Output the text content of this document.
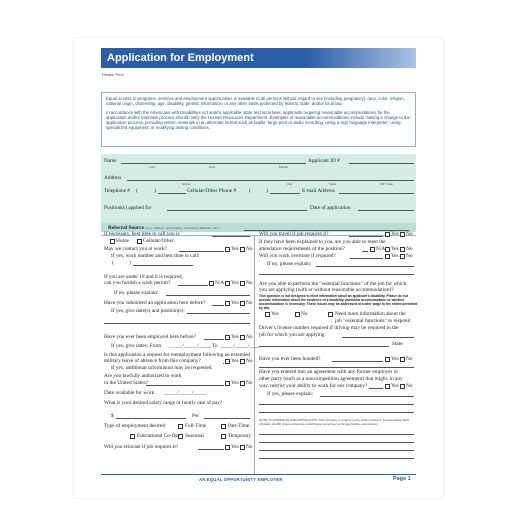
Application for Employment
Please Print

Equal access to programs, services and employment opportunities is available to all persons without regard to sex (including pregnancy), race, color, religion, national origin, citizenship, age, disability, genetic information, or any other basis protected by federal, state, and/or local law.

In accordance with the Americans with Disabilities Act and/or applicable state and local laws, applicants requiring reasonable accommodations for the application and/or interview process should notify the Human Resources Department. Examples of reasonable accommodations include making a change to the application process; providing written materials in an alternate format such as braille, large print or audio recording; using a sign language interpreter; using specialized equipment; or modifying testing conditions.

Name	Applicant ID #
Last	First	Middle
Address
Street	City	State	ZIP Code
Telephone # (	)	Cellular/Other Phone # (	)	E-mail Address
Position(s) applied for	Date of application
Referral Source (e.g., Walk-in, Job Posting, Company's Website, etc.)
If necessary, best time to call you is
Home	Cellular/Other
May we contact you at work?	Yes No
If yes, work number and best time to call:
(	)
If you are under 18 and it is required,
can you furnish a work permit?	N/A Yes No
If no, please explain:
Have you submitted an application here before?	Yes No
If yes, give date(s) and position(s):
Have you ever been employed here before?	Yes No
If yes, give dates: From _____/_____/_____ To _____/_____/____
Is this application a request for reemployment following an extended
military leave of absence from this company?	Yes No
If yes, additional information may be requested.
Are you lawfully authorized to work
in the United States?	Yes No
Date available for work _____/_____/_____
What is your desired salary range or hourly rate of pay?
$	Per
Type of employment desired:	Full-Time	Part-Time
Educational Co-Op Seasonal	Temporary
Will you relocate if job requires it?	Yes No
Will you travel if job requires it?	Yes No
If they have been explained to you, are you able to meet the
attendance requirements of the position?	N/A Yes No
Will you work overtime if required?	Yes No
If no, please explain:
Are you able to perform the "essential functions" of the job for which
you are applying (with or without reasonable accommodation)?
This question is not designed to elicit information about an applicant's disability. Please do not provide information about the existence of a disability, particular accommodation or whether accommodation is necessary. These issues may be addressed at a later stage to the extent permitted by law.
Yes	No	Need more information about the
job "essential functions" to respond
Driver's license number required if driving may be required in the
job for which you are applying:
State
Have you ever been bonded?	Yes No
Have you entered into an agreement with any former employer or
other party (such as a noncompetition agreement) that might, in any
way, restrict your ability to work for our company?	Yes No
If yes, please explain:
NOTE TO RHODE ISLAND APPLICANTS: This company is subject to the state's workers' compensation laws (Chapter 29-38) unless otherwise noted below (employer to list applicable exemptions).
AN EQUAL OPPORTUNITY EMPLOYER	Page 1
